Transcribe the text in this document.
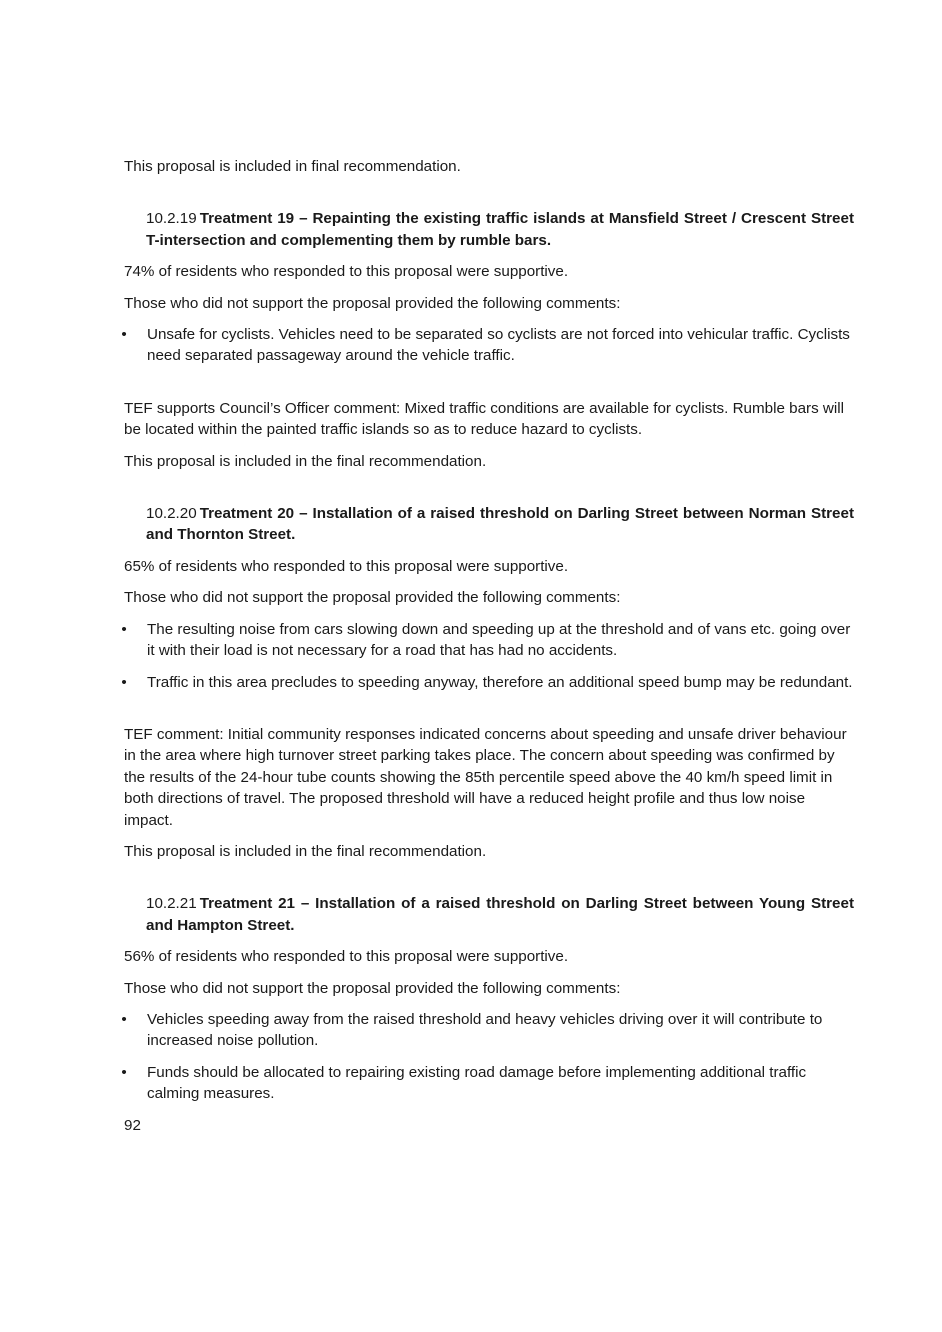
This proposal is included in final recommendation.

10.2.19 Treatment 19 – Repainting the existing traffic islands at Mansfield Street / Crescent Street T-intersection and complementing them by rumble bars.

74% of residents who responded to this proposal were supportive.

Those who did not support the proposal provided the following comments:

• Unsafe for cyclists. Vehicles need to be separated so cyclists are not forced into vehicular traffic. Cyclists need separated passageway around the vehicle traffic.

TEF supports Council’s Officer comment: Mixed traffic conditions are available for cyclists. Rumble bars will be located within the painted traffic islands so as to reduce hazard to cyclists.

This proposal is included in the final recommendation.

10.2.20 Treatment 20 – Installation of a raised threshold on Darling Street between Norman Street and Thornton Street.

65% of residents who responded to this proposal were supportive.

Those who did not support the proposal provided the following comments:

• The resulting noise from cars slowing down and speeding up at the threshold and of vans etc. going over it with their load is not necessary for a road that has had no accidents.
• Traffic in this area precludes to speeding anyway, therefore an additional speed bump may be redundant.

TEF comment: Initial community responses indicated concerns about speeding and unsafe driver behaviour in the area where high turnover street parking takes place. The concern about speeding was confirmed by the results of the 24-hour tube counts showing the 85th percentile speed above the 40 km/h speed limit in both directions of travel. The proposed threshold will have a reduced height profile and thus low noise impact.

This proposal is included in the final recommendation.

10.2.21 Treatment 21 – Installation of a raised threshold on Darling Street between Young Street and Hampton Street.

56% of residents who responded to this proposal were supportive.

Those who did not support the proposal provided the following comments:

• Vehicles speeding away from the raised threshold and heavy vehicles driving over it will contribute to increased noise pollution.
• Funds should be allocated to repairing existing road damage before implementing additional traffic calming measures.

92
